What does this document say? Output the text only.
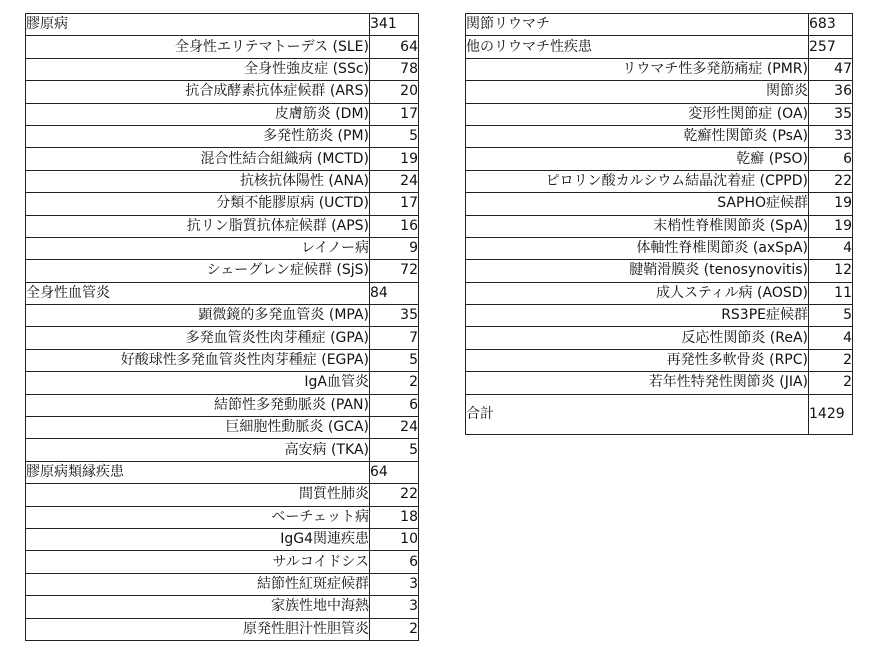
膠原病	341
全身性エリテマトーデス (SLE)	64
全身性強皮症 (SSc)	78
抗合成酵素抗体症候群 (ARS)	20
皮膚筋炎 (DM)	17
多発性筋炎 (PM)	5
混合性結合組織病 (MCTD)	19
抗核抗体陽性 (ANA)	24
分類不能膠原病 (UCTD)	17
抗リン脂質抗体症候群 (APS)	16
レイノー病	9
シェーグレン症候群 (SjS)	72
全身性血管炎	84
顕微鏡的多発血管炎 (MPA)	35
多発血管炎性肉芽種症 (GPA)	7
好酸球性多発血管炎性肉芽種症 (EGPA)	5
IgA血管炎	2
結節性多発動脈炎 (PAN)	6
巨細胞性動脈炎 (GCA)	24
高安病 (TKA)	5
膠原病類縁疾患	64
間質性肺炎	22
ベーチェット病	18
IgG4関連疾患	10
サルコイドシス	6
結節性紅斑症候群	3
家族性地中海熱	3
原発性胆汁性胆管炎	2
関節リウマチ	683
他のリウマチ性疾患	257
リウマチ性多発筋痛症 (PMR)	47
関節炎	36
変形性関節症 (OA)	35
乾癬性関節炎 (PsA)	33
乾癬 (PSO)	6
ピロリン酸カルシウム結晶沈着症 (CPPD)	22
SAPHO症候群	19
末梢性脊椎関節炎 (SpA)	19
体軸性脊椎関節炎 (axSpA)	4
腱鞘滑膜炎 (tenosynovitis)	12
成人スティル病 (AOSD)	11
RS3PE症候群	5
反応性関節炎 (ReA)	4
再発性多軟骨炎 (RPC)	2
若年性特発性関節炎 (JIA)	2
合計	1429
